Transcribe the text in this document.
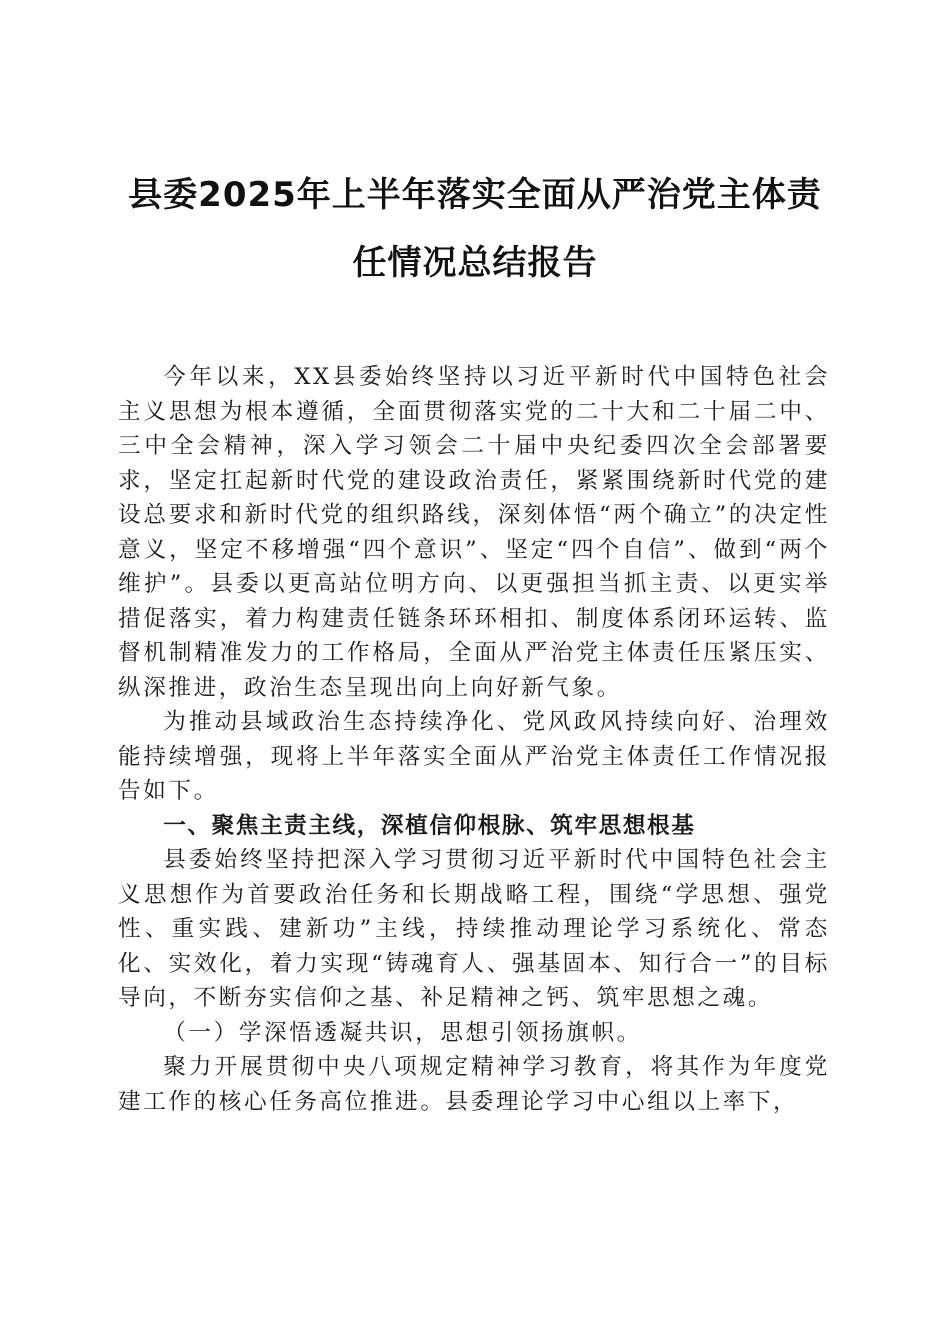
县委2025年上半年落实全面从严治党主体责
任情况总结报告

今年以来，XX县委始终坚持以习近平新时代中国特色社会主义思想为根本遵循，全面贯彻落实党的二十大和二十届二中、三中全会精神，深入学习领会二十届中央纪委四次全会部署要求，坚定扛起新时代党的建设政治责任，紧紧围绕新时代党的建设总要求和新时代党的组织路线，深刻体悟“两个确立”的决定性意义，坚定不移增强“四个意识”、坚定“四个自信”、做到“两个维护”。县委以更高站位明方向、以更强担当抓主责、以更实举措促落实，着力构建责任链条环环相扣、制度体系闭环运转、监督机制精准发力的工作格局，全面从严治党主体责任压紧压实、纵深推进，政治生态呈现出向上向好新气象。

为推动县域政治生态持续净化、党风政风持续向好、治理效能持续增强，现将上半年落实全面从严治党主体责任工作情况报告如下。

一、聚焦主责主线，深植信仰根脉、筑牢思想根基

县委始终坚持把深入学习贯彻习近平新时代中国特色社会主义思想作为首要政治任务和长期战略工程，围绕“学思想、强党性、重实践、建新功”主线，持续推动理论学习系统化、常态化、实效化，着力实现“铸魂育人、强基固本、知行合一”的目标导向，不断夯实信仰之基、补足精神之钙、筑牢思想之魂。

（一）学深悟透凝共识，思想引领扬旗帜。

聚力开展贯彻中央八项规定精神学习教育，将其作为年度党建工作的核心任务高位推进。县委理论学习中心组以上率下，
